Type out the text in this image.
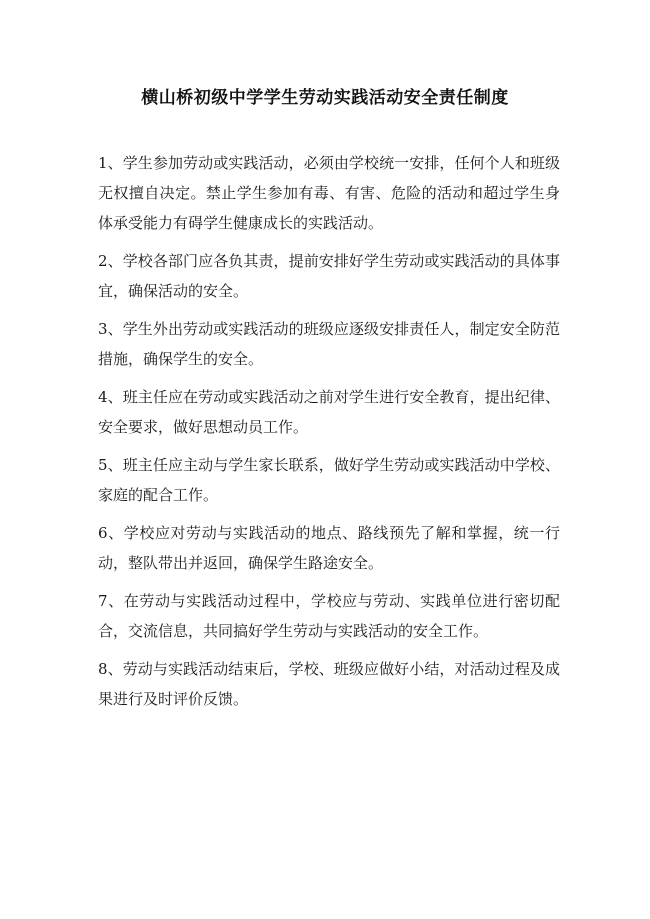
横山桥初级中学学生劳动实践活动安全责任制度
1、学生参加劳动或实践活动，必须由学校统一安排，任何个人和班级无权擅自决定。禁止学生参加有毒、有害、危险的活动和超过学生身体承受能力有碍学生健康成长的实践活动。
2、学校各部门应各负其责，提前安排好学生劳动或实践活动的具体事宜，确保活动的安全。
3、学生外出劳动或实践活动的班级应逐级安排责任人，制定安全防范措施，确保学生的安全。
4、班主任应在劳动或实践活动之前对学生进行安全教育，提出纪律、安全要求，做好思想动员工作。
5、班主任应主动与学生家长联系，做好学生劳动或实践活动中学校、家庭的配合工作。
6、学校应对劳动与实践活动的地点、路线预先了解和掌握，统一行动，整队带出并返回，确保学生路途安全。
7、在劳动与实践活动过程中，学校应与劳动、实践单位进行密切配合，交流信息，共同搞好学生劳动与实践活动的安全工作。
8、劳动与实践活动结束后，学校、班级应做好小结，对活动过程及成果进行及时评价反馈。
